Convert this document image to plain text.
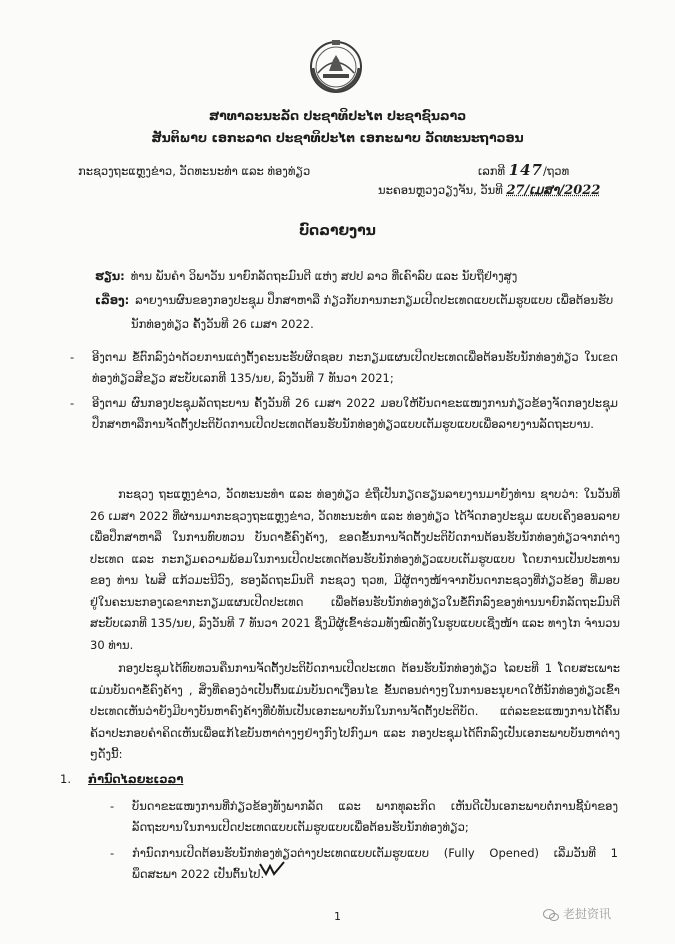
ສາທາລະນະລັດ ປະຊາທິປະໄຕ ປະຊາຊົນລາວ
ສັນຕິພາບ ເອກະລາດ ປະຊາທິປະໄຕ ເອກະພາບ ວັດທະນະຖາວອນ
ກະຊວງຖະແຫຼງຂ່າວ, ວັດທະນະທຳ ແລະ ທ່ອງທ່ຽວ	ເລກທີ 147/ຖວທ
ນະຄອນຫຼວງວຽງຈັນ, ວັນທີ 27/ເມສາ/2022
ບົດລາຍງານ
ຮຽນ: ທ່ານ ພັນຄຳ ວິພາວັນ ນາຍົກລັດຖະມົນຕີ ແຫ່ງ ສປປ ລາວ ທີ່ເຄົາລົບ ແລະ ນັບຖືຢ່າງສູງ
ເລື່ອງ: ລາຍງານຜົນຂອງກອງປະຊຸມ ປຶກສາຫາລື ກ່ຽວກັບການກະກຽມເປີດປະເທດແບບເຕັມຮູບແບບ ເພື່ອຕ້ອນຮັບນັກທ່ອງທ່ຽວ ຄັ້ງວັນທີ 26 ເມສາ 2022.
- ອີງຕາມ ຂໍ້ຕົກລົງວ່າດ້ວຍການແຕ່ງຕັ້ງຄະນະຮັບຜິດຊອບ ກະກຽມແຜນເປີດປະເທດເພື່ອຕ້ອນຮັບນັກທ່ອງທ່ຽວ ໃນເຂດທ່ອງທ່ຽວສີຂຽວ ສະບັບເລກທີ 135/ນຍ, ລົງວັນທີ 7 ທັນວາ 2021;
- ອີງຕາມ ຜົນກອງປະຊຸມລັດຖະບານ ຄັ້ງວັນທີ 26 ເມສາ 2022 ມອບໃຫ້ບັນດາຂະແໜງການກ່ຽວຂ້ອງຈັດກອງປະຊຸມປຶກສາຫາລືການຈັດຕັ້ງປະຕິບັດການເປີດປະເທດຕ້ອນຮັບນັກທ່ອງທ່ຽວແບບເຕັມຮູບແບບເພື່ອລາຍງານລັດຖະບານ.
ກະຊວງ ຖະແຫຼງຂ່າວ, ວັດທະນະທຳ ແລະ ທ່ອງທ່ຽວ ຂໍຖືເປັນກຽດຮຽນລາຍງານມາຍັງທ່ານ ຊາບວ່າ: ໃນວັນທີ 26 ເມສາ 2022 ທີ່ຜ່ານມາກະຊວງຖະແຫຼງຂ່າວ, ວັດທະນະທຳ ແລະ ທ່ອງທ່ຽວ ໄດ້ຈັດກອງປະຊຸມ ແບບເຄິ່ງອອນລາຍ ເພື່ອປຶກສາຫາລື ໃນການທົບທວນ ບັນດາຂໍ້ຄົງຄ້າງ, ຂອດຂັ້ນການຈັດຕັ້ງປະຕິບັດການຕ້ອນຮັບນັກທ່ອງທ່ຽວຈາກຕ່າງປະເທດ ແລະ ກະກຽມຄວາມພ້ອມໃນການເປີດປະເທດຕ້ອນຮັບນັກທ່ອງທ່ຽວແບບເຕັມຮູບແບບ ໂດຍການເປັນປະທານຂອງ ທ່ານ ໄພສີ ແກ້ວມະນີວົງ, ຮອງລັດຖະມົນຕີ ກະຊວງ ຖວທ, ມີຜູ້ຕາງໜ້າຈາກບັນດາກະຊວງທີ່ກ່ຽວຂ້ອງ ທີ່ມອບຢູ່ໃນຄະນະກອງເລຂາກະກຽມແຜນເປີດປະເທດ ເພື່ອຕ້ອນຮັບນັກທ່ອງທ່ຽວໃນຂໍ້ຕົກລົງຂອງທ່ານນາຍົກລັດຖະມົນຕີ ສະບັບເລກທີ 135/ນຍ, ລົງວັນທີ 7 ທັນວາ 2021 ຊຶ່ງມີຜູ້ເຂົ້າຮ່ວມທັງໝົດທັງໃນຮູບແບບເຊີ່ງໜ້າ ແລະ ທາງໄກ ຈຳນວນ 30 ທ່ານ.
ກອງປະຊຸມໄດ້ທົບທວນຄືນການຈັດຕັ້ງປະຕິບັດການເປີດປະເທດ ຕ້ອນຮັບນັກທ່ອງທ່ຽວ ໄລຍະທີ 1 ໂດຍສະເພາະແມ່ນບັນດາຂໍ້ຄົງຄ້າງ , ສິ່ງທີ່ຄອງວ່າເປັນຕົ້ນແມ່ນບັນດາເງື່ອນໄຂ ຂັ້ນຕອນຕ່າງໆໃນການອະນຸຍາດໃຫ້ນັກທ່ອງທ່ຽວເຂົ້າປະເທດເຫັນວ່າຍັງມີບາງບັນຫາຄົງຄ້າງທີ່ບໍ່ທັນເປັນເອກະພາບກັນໃນການຈັດຕັ້ງປະຕິບັດ. ແຕ່ລະຂະແໜງການໄດ້ຄົ້ນຄ້ວາປະກອບຄຳຄິດເຫັນເພື່ອແກ້ໄຂບັນຫາຕ່າງໆຢ່າງກົງໄປກົງມາ ແລະ ກອງປະຊຸມໄດ້ຕົກລົງເປັນເອກະພາບບັນຫາຕ່າງໆດັ່ງນີ້:
1. ກຳນົດໄລຍະເວລາ
- ບັນດາຂະແໜງການທີ່ກ່ຽວຂ້ອງທັງພາກລັດ ແລະ ພາກທຸລະກິດ ເຫັນດີເປັນເອກະພາບຕໍ່ການຊີ້ນຳຂອງລັດຖະບານໃນການເປີດປະເທດແບບເຕັມຮູບແບບເພື່ອຕ້ອນຮັບນັກທ່ອງທ່ຽວ;
- ກຳນົດການເປີດຕ້ອນຮັບນັກທ່ອງທ່ຽວຕ່າງປະເທດແບບເຕັມຮູບແບບ (Fully Opened) ເລີ່ມວັນທີ 1 ພຶດສະພາ 2022 ເປັນຕົ້ນໄປ.
1	老挝资讯
